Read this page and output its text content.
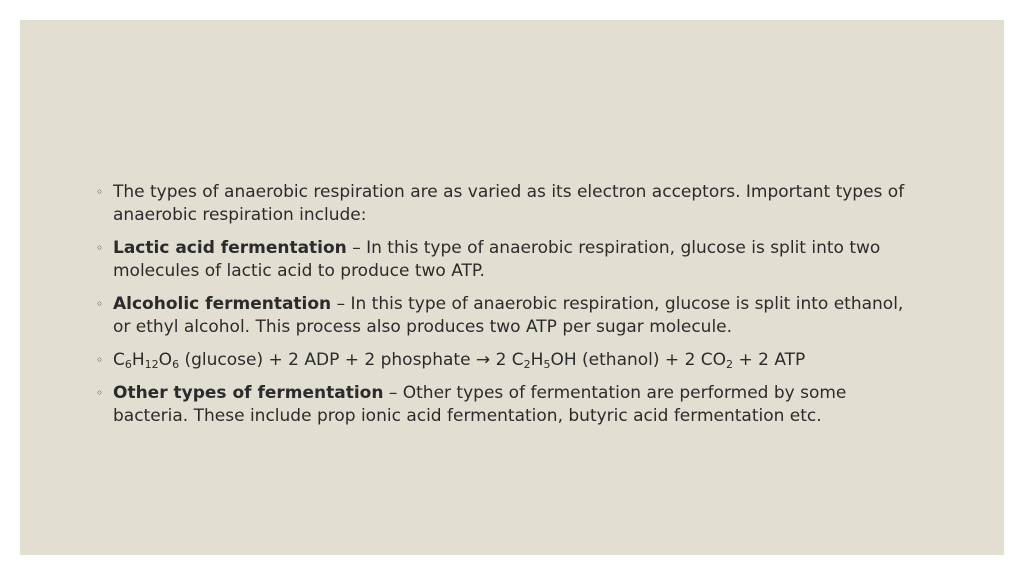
◦ The types of anaerobic respiration are as varied as its electron acceptors. Important types of anaerobic respiration include:
◦ Lactic acid fermentation – In this type of anaerobic respiration, glucose is split into two molecules of lactic acid to produce two ATP.
◦ Alcoholic fermentation – In this type of anaerobic respiration, glucose is split into ethanol, or ethyl alcohol. This process also produces two ATP per sugar molecule.
◦ $C_6H_{12}O_6$ (glucose) + 2 ADP + 2 phosphate → 2 $C_2H_5OH$ (ethanol) + 2 $CO_2 + 2$ ATP
◦ Other types of fermentation – Other types of fermentation are performed by some bacteria. These include prop ionic acid fermentation, butyric acid fermentation etc.
